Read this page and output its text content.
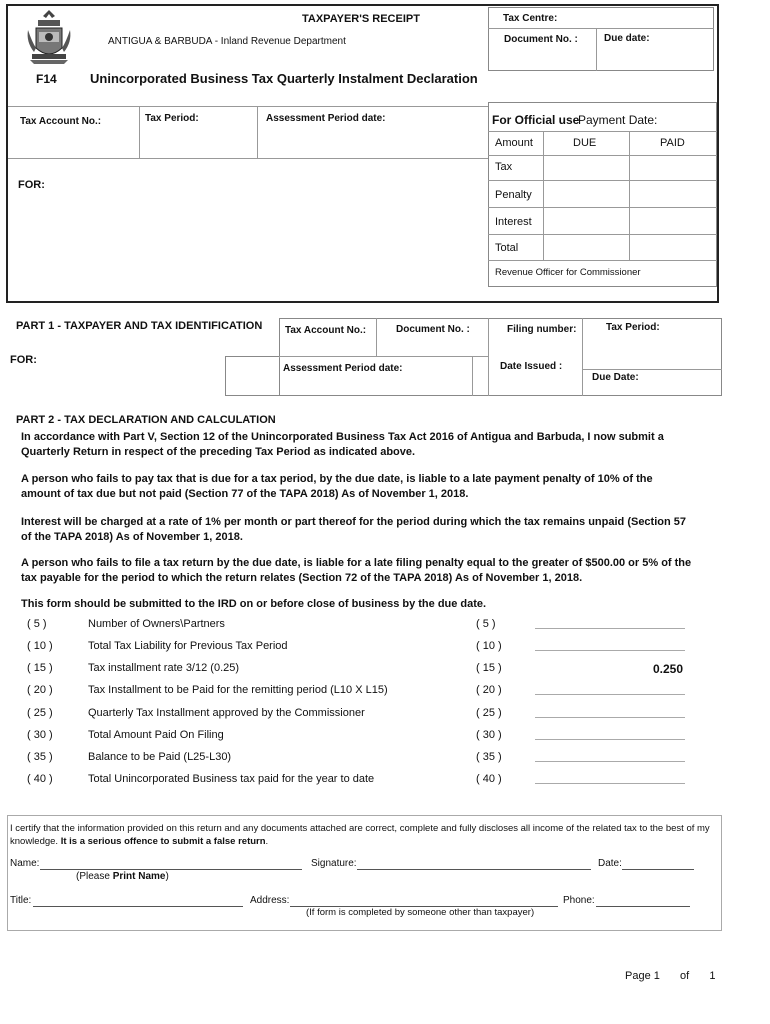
TAXPAYER'S RECEIPT
ANTIGUA & BARBUDA - Inland Revenue Department
F14	Unincorporated Business Tax Quarterly Instalment Declaration
Tax Centre:
Document No. :	Due date:
Tax Account No.:	Tax Period:	Assessment Period date:
FOR:
For Official use
Payment Date:
Amount	DUE	PAID
Tax
Penalty
Interest
Total
Revenue Officer for Commissioner
PART 1 - TAXPAYER AND TAX IDENTIFICATION
FOR:
Tax Account No.:	Document No. :	Filing number:	Tax Period:
Assessment Period date:	Date Issued :
Due Date:
PART 2 - TAX DECLARATION AND CALCULATION
In accordance with Part V, Section 12 of the Unincorporated Business Tax Act 2016 of Antigua and Barbuda, I now submit a Quarterly Return in respect of the preceding Tax Period as indicated above.
A person who fails to pay tax that is due for a tax period, by the due date, is liable to a late payment penalty of 10% of the amount of tax due but not paid (Section 77 of the TAPA 2018) As of November 1, 2018.
Interest will be charged at a rate of 1% per month or part thereof for the period during which the tax remains unpaid (Section 57 of the TAPA 2018) As of November 1, 2018.
A person who fails to file a tax return by the due date, is liable for a late filing penalty equal to the greater of $500.00 or 5% of the tax payable for the period to which the return relates (Section 72 of the TAPA 2018) As of November 1, 2018.
This form should be submitted to the IRD on or before close of business by the due date.
( 5 )	Number of Owners\Partners	( 5 )
( 10 )	Total Tax Liability for Previous Tax Period	( 10 )
( 15 )	Tax installment rate 3/12 (0.25)	( 15 )	0.250
( 20 )	Tax Installment to be Paid for the remitting period (L10 X L15)	( 20 )
( 25 )	Quarterly Tax Installment approved by the Commissioner	( 25 )
( 30 )	Total Amount Paid On Filing	( 30 )
( 35 )	Balance to be Paid (L25-L30)	( 35 )
( 40 )	Total Unincorporated Business tax paid for the year to date	( 40 )
I certify that the information provided on this return and any documents attached are correct, complete and fully discloses all income of the related tax to the best of my knowledge. It is a serious offence to submit a false return.
Name:
(Please Print Name)
Signature:	Date:
Title:	Address:
(If form is completed by someone other than taxpayer)
Phone:
Page 1 of 1
